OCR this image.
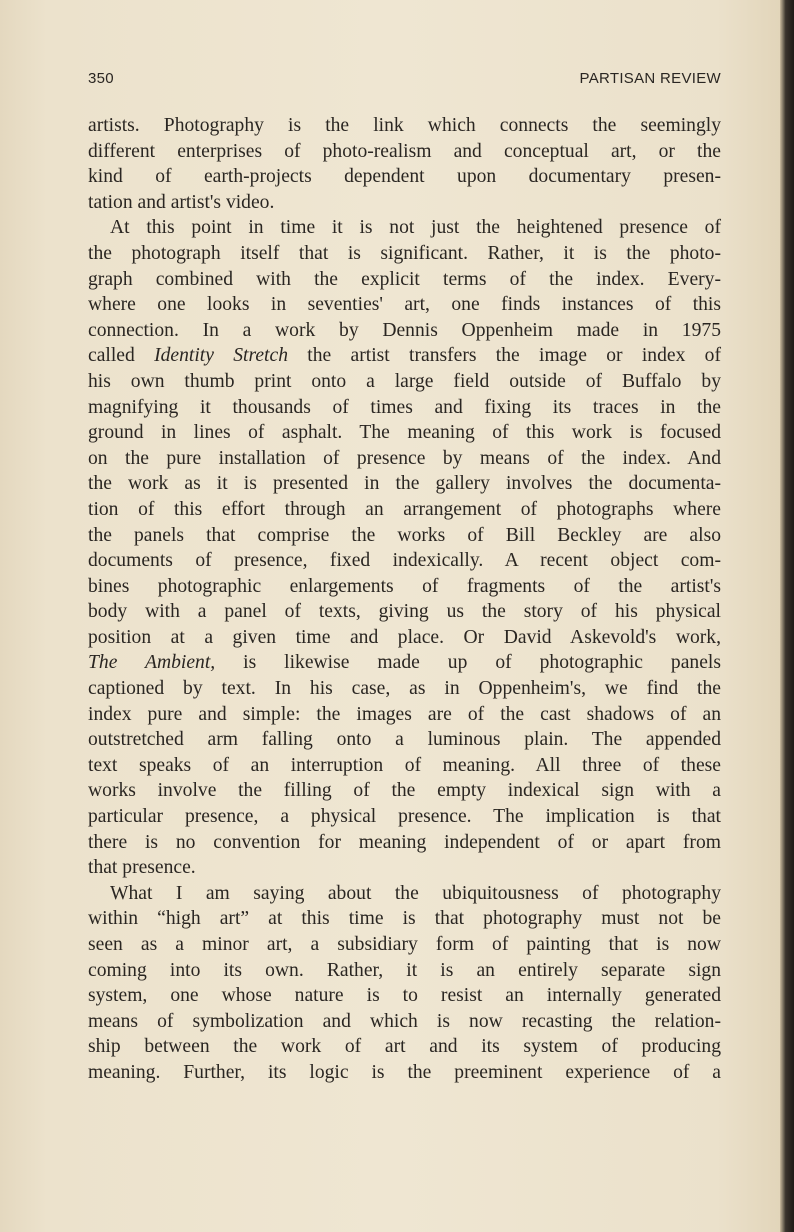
350	PARTISAN REVIEW

artists. Photography is the link which connects the seemingly
different enterprises of photo-realism and conceptual art, or the
kind of earth-projects dependent upon documentary presen-
tation and artist's video.

At this point in time it is not just the heightened presence of
the photograph itself that is significant. Rather, it is the photo-
graph combined with the explicit terms of the index. Every-
where one looks in seventies' art, one finds instances of this
connection. In a work by Dennis Oppenheim made in 1975
called Identity Stretch the artist transfers the image or index of
his own thumb print onto a large field outside of Buffalo by
magnifying it thousands of times and fixing its traces in the
ground in lines of asphalt. The meaning of this work is focused
on the pure installation of presence by means of the index. And
the work as it is presented in the gallery involves the documenta-
tion of this effort through an arrangement of photographs where
the panels that comprise the works of Bill Beckley are also
documents of presence, fixed indexically. A recent object com-
bines photographic enlargements of fragments of the artist's
body with a panel of texts, giving us the story of his physical
position at a given time and place. Or David Askevold's work,
The Ambient, is likewise made up of photographic panels
captioned by text. In his case, as in Oppenheim's, we find the
index pure and simple: the images are of the cast shadows of an
outstretched arm falling onto a luminous plain. The appended
text speaks of an interruption of meaning. All three of these
works involve the filling of the empty indexical sign with a
particular presence, a physical presence. The implication is that
there is no convention for meaning independent of or apart from
that presence.

What I am saying about the ubiquitousness of photography
within “high art” at this time is that photography must not be
seen as a minor art, a subsidiary form of painting that is now
coming into its own. Rather, it is an entirely separate sign
system, one whose nature is to resist an internally generated
means of symbolization and which is now recasting the relation-
ship between the work of art and its system of producing
meaning. Further, its logic is the preeminent experience of a
